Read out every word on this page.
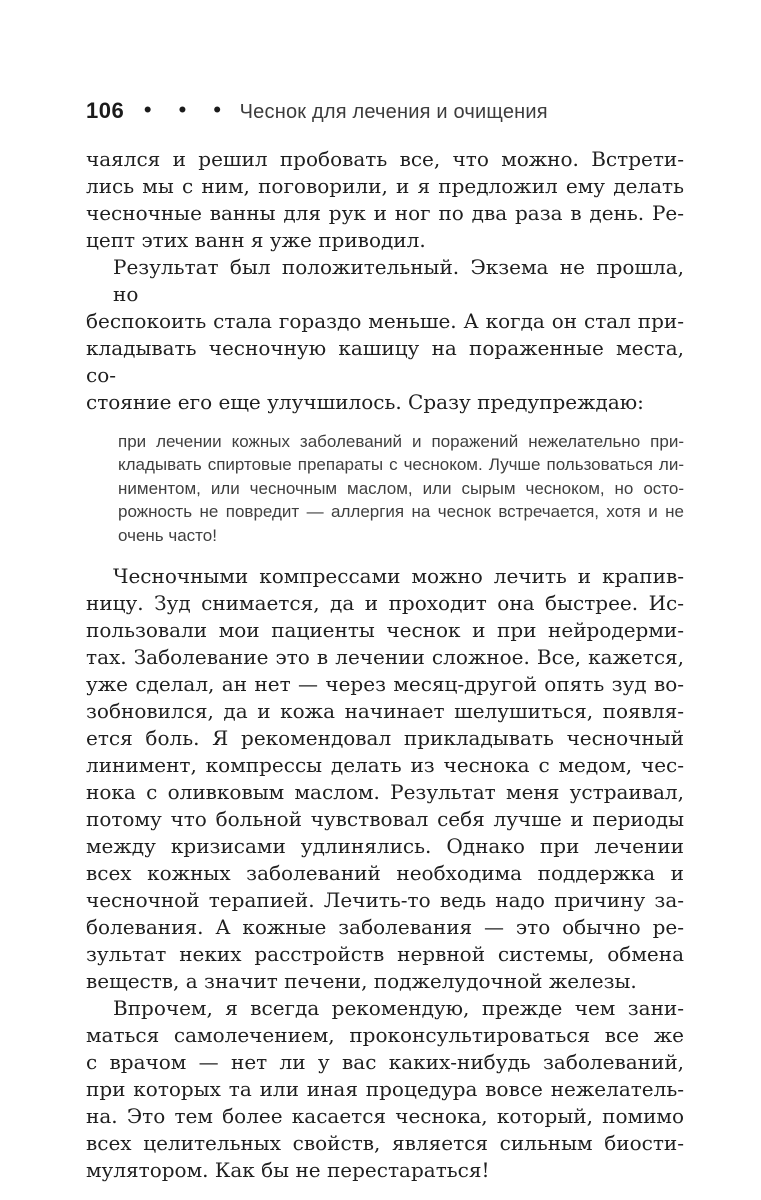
106 • • • Чеснок для лечения и очищения
чаялся и решил пробовать все, что можно. Встрети-
лись мы с ним, поговорили, и я предложил ему делать
чесночные ванны для рук и ног по два раза в день. Ре-
цепт этих ванн я уже приводил.
Результат был положительный. Экзема не прошла, но
беспокоить стала гораздо меньше. А когда он стал при-
кладывать чесночную кашицу на пораженные места, со-
стояние его еще улучшилось. Сразу предупреждаю:
при лечении кожных заболеваний и поражений нежелательно при-
кладывать спиртовые препараты с чесноком. Лучше пользоваться ли-
ниментом, или чесночным маслом, или сырым чесноком, но осто-
рожность не повредит — аллергия на чеснок встречается, хотя и не
очень часто!
Чесночными компрессами можно лечить и крапив-
ницу. Зуд снимается, да и проходит она быстрее. Ис-
пользовали мои пациенты чеснок и при нейродерми-
тах. Заболевание это в лечении сложное. Все, кажется,
уже сделал, ан нет — через месяц-другой опять зуд во-
зобновился, да и кожа начинает шелушиться, появля-
ется боль. Я рекомендовал прикладывать чесночный
линимент, компрессы делать из чеснока с медом, чес-
нока с оливковым маслом. Результат меня устраивал,
потому что больной чувствовал себя лучше и периоды
между кризисами удлинялись. Однако при лечении
всех кожных заболеваний необходима поддержка и
чесночной терапией. Лечить-то ведь надо причину за-
болевания. А кожные заболевания — это обычно ре-
зультат неких расстройств нервной системы, обмена
веществ, а значит печени, поджелудочной железы.
Впрочем, я всегда рекомендую, прежде чем зани-
маться самолечением, проконсультироваться все же
с врачом — нет ли у вас каких-нибудь заболеваний,
при которых та или иная процедура вовсе нежелатель-
на. Это тем более касается чеснока, который, помимо
всех целительных свойств, является сильным биости-
мулятором. Как бы не перестараться!
